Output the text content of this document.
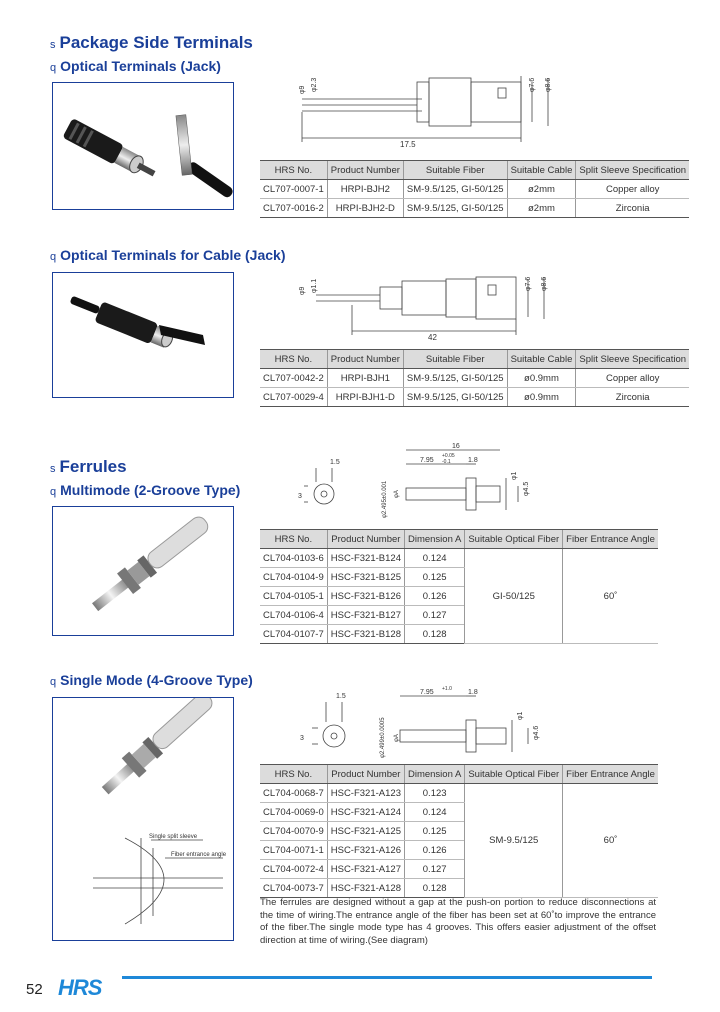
s Package Side Terminals
q Optical Terminals (Jack)
φ9 φ2.3	φ7.6 φ8.6
17.5
HRS No.	Product Number	Suitable Fiber	Suitable Cable	Split Sleeve Specification
CL707-0007-1	HRPI-BJH2	SM-9.5/125, GI-50/125	ø2mm	Copper alloy
CL707-0016-2	HRPI-BJH2-D	SM-9.5/125, GI-50/125	ø2mm	Zirconia
q Optical Terminals for Cable (Jack)
φ9 φ1.1	φ7.6 φ8.6
42
HRS No.	Product Number	Suitable Fiber	Suitable Cable	Split Sleeve Specification
CL707-0042-2	HRPI-BJH1	SM-9.5/125, GI-50/125	ø0.9mm	Copper alloy
CL707-0029-4	HRPI-BJH1-D	SM-9.5/125, GI-50/125	ø0.9mm	Zirconia
s Ferrules
q Multimode (2-Groove Type)
1.5
3
16
7.95
+0.05
-0.1 1.8
φ2.495±0.001 φA
φ1
φ4.5
HRS No.	Product Number	Dimension A	Suitable Optical Fiber	Fiber Entrance Angle
CL704-0103-6	HSC-F321-B124	0.124	GI-50/125	60˚
CL704-0104-9	HSC-F321-B125	0.125		
CL704-0105-1	HSC-F321-B126	0.126		
CL704-0106-4	HSC-F321-B127	0.127		
CL704-0107-7	HSC-F321-B128	0.128		
q Single Mode (4-Groove Type)
Single split sleeve
Fiber entrance angle
1.5
3
7.95 +1.0 1.8
φ2.499±0.0005 φA
φ1
φ4.6
HRS No.	Product Number	Dimension A	Suitable Optical Fiber	Fiber Entrance Angle
CL704-0068-7	HSC-F321-A123	0.123	SM-9.5/125	60˚
CL704-0069-0	HSC-F321-A124	0.124		
CL704-0070-9	HSC-F321-A125	0.125		
CL704-0071-1	HSC-F321-A126	0.126		
CL704-0072-4	HSC-F321-A127	0.127		
CL704-0073-7	HSC-F321-A128	0.128		
The ferrules are designed without a gap at the push-on portion to reduce disconnections at the time of wiring.The entrance angle of the fiber has been set at 60˚to improve the entrance of the fiber.The single mode type has 4 grooves. This offers easier adjustment of the offset direction at time of wiring.(See diagram)
52 HRS
